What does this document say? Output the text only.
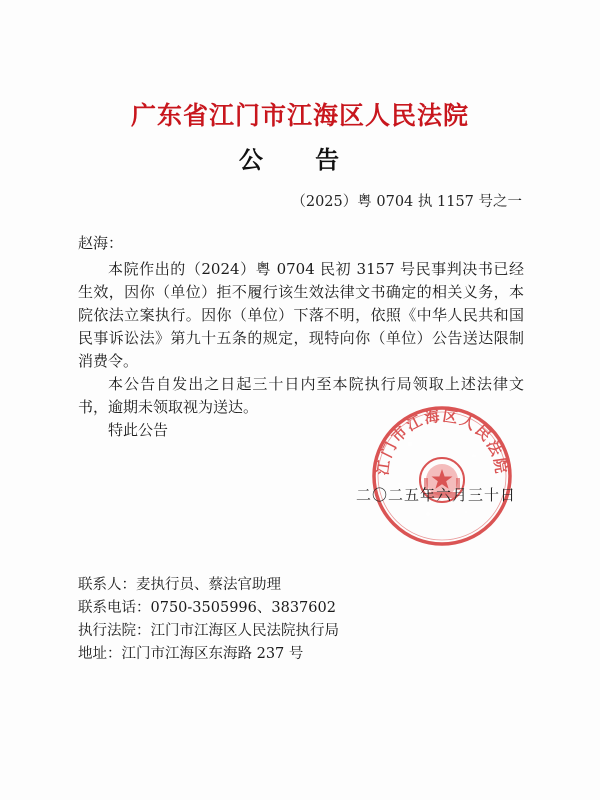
广东省江门市江海区人民法院
公 告
（2025）粤 0704 执 1157 号之一
赵海：

本院作出的（2024）粤 0704 民初 3157 号民事判决书已经生效，因你（单位）拒不履行该生效法律文书确定的相关义务，本院依法立案执行。因你（单位）下落不明，依照《中华人民共和国民事诉讼法》第九十五条的规定，现特向你（单位）公告送达限制消费令。

本公告自发出之日起三十日内至本院执行局领取上述法律文书，逾期未领取视为送达。

特此公告

江门市江海区人民法院
二〇二五年六月三十日
联系人：麦执行员、蔡法官助理
联系电话：0750-3505996、3837602
执行法院：江门市江海区人民法院执行局
地址：江门市江海区东海路 237 号
